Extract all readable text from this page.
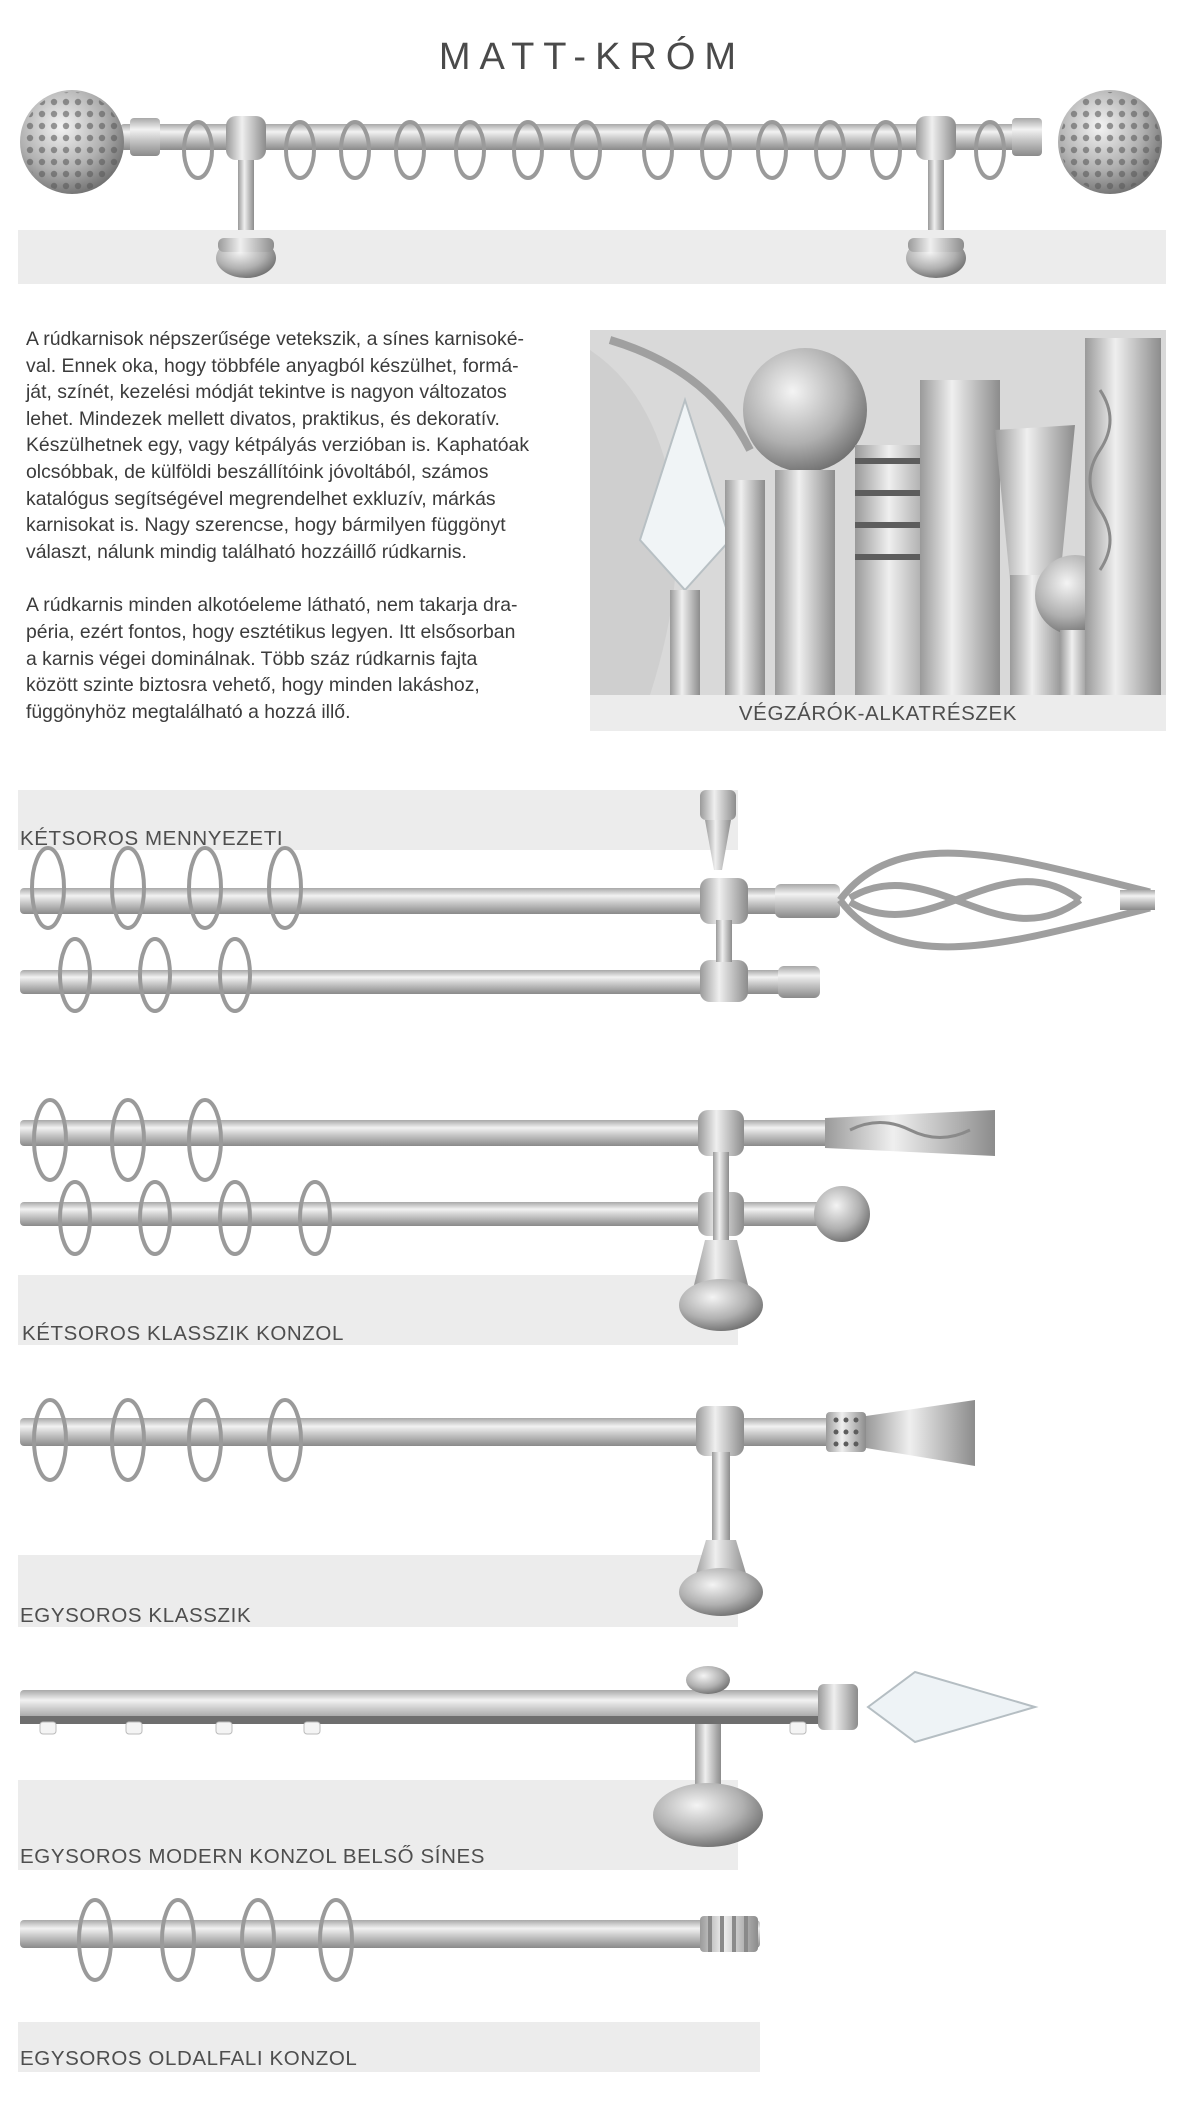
MATT-KRÓM

A rúdkarnisok népszerűsége vetekszik, a sínes karnisoké-val. Ennek oka, hogy többféle anyagból készülhet, formá-ját, színét, kezelési módját tekintve is nagyon változatos lehet. Mindezek mellett divatos, praktikus, és dekoratív. Készülhetnek egy, vagy kétpályás verzióban is. Kaphatóak olcsóbbak, de külföldi beszállítóink jóvoltából, számos katalógus segítségével megrendelhet exkluzív, márkás karnisokat is. Nagy szerencse, hogy bármilyen függönyt választ, nálunk mindig található hozzáillő rúdkarnis.

A rúdkarnis minden alkotóeleme látható, nem takarja dra-péria, ezért fontos, hogy esztétikus legyen. Itt elsősorban a karnis végei dominálnak. Több száz rúdkarnis fajta között szinte biztosra vehető, hogy minden lakáshoz, függönyhöz megtalálható a hozzá illő.	VÉGZÁRÓK-ALKATRÉSZEK
KÉTSOROS MENNYEZETI
KÉTSOROS KLASSZIK KONZOL
EGYSOROS KLASSZIK
EGYSOROS MODERN KONZOL BELSŐ SÍNES
EGYSOROS OLDALFALI KONZOL
